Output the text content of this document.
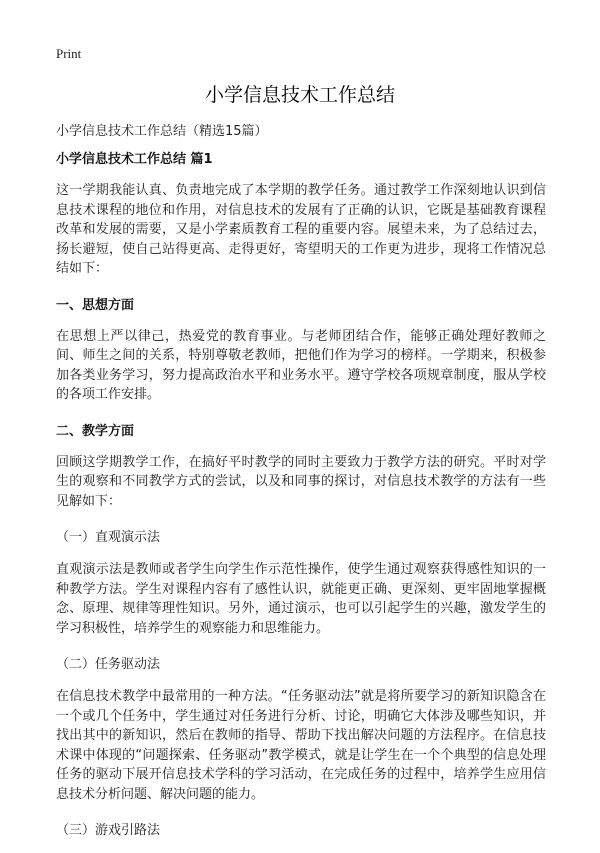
Print
小学信息技术工作总结
小学信息技术工作总结（精选15篇）
小学信息技术工作总结 篇1

这一学期我能认真、负责地完成了本学期的教学任务。通过教学工作深刻地认识到信息技术课程的地位和作用，对信息技术的发展有了正确的认识，它既是基础教育课程改革和发展的需要，又是小学素质教育工程的重要内容。展望未来，为了总结过去，扬长避短，使自己站得更高、走得更好，寄望明天的工作更为进步，现将工作情况总结如下：

一、思想方面

在思想上严以律己，热爱党的教育事业。与老师团结合作，能够正确处理好教师之间、师生之间的关系，特别尊敬老教师，把他们作为学习的榜样。一学期来，积极参加各类业务学习，努力提高政治水平和业务水平。遵守学校各项规章制度，服从学校的各项工作安排。

二、教学方面

回顾这学期教学工作，在搞好平时教学的同时主要致力于教学方法的研究。平时对学生的观察和不同教学方式的尝试，以及和同事的探讨，对信息技术教学的方法有一些见解如下：

（一）直观演示法

直观演示法是教师或者学生向学生作示范性操作，使学生通过观察获得感性知识的一种教学方法。学生对课程内容有了感性认识，就能更正确、更深刻、更牢固地掌握概念、原理、规律等理性知识。另外，通过演示，也可以引起学生的兴趣，激发学生的学习积极性，培养学生的观察能力和思维能力。

（二）任务驱动法

在信息技术教学中最常用的一种方法。“任务驱动法”就是将所要学习的新知识隐含在一个或几个任务中，学生通过对任务进行分析、讨论，明确它大体涉及哪些知识，并找出其中的新知识，然后在教师的指导、帮助下找出解决问题的方法程序。在信息技术课中体现的“问题探索、任务驱动”教学模式，就是让学生在一个个典型的信息处理任务的驱动下展开信息技术学科的学习活动，在完成任务的过程中，培养学生应用信息技术分析问题、解决问题的能力。

（三）游戏引路法
